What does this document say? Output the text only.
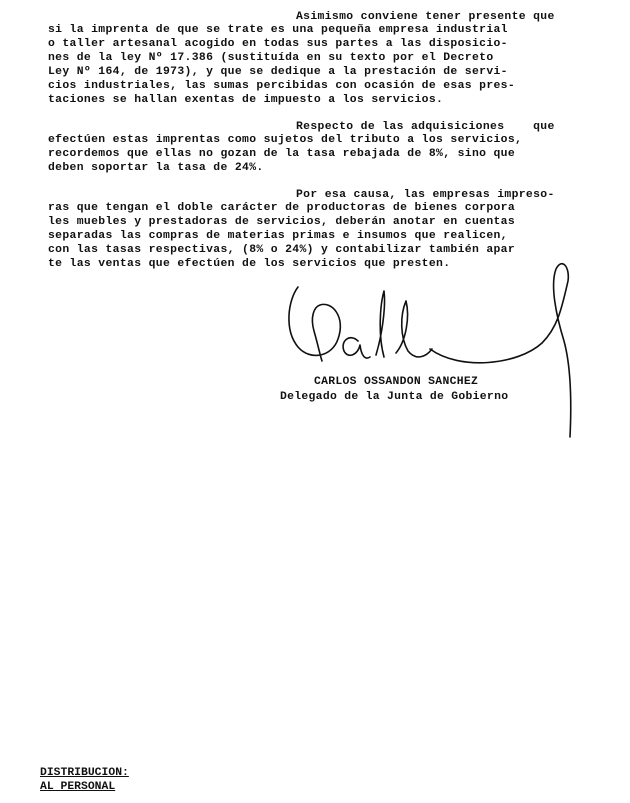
Asimismo conviene tener presente que
si la imprenta de que se trate es una pequeña empresa industrial
o taller artesanal acogido en todas sus partes a las disposicio-
nes de la ley Nº 17.386 (sustituída en su texto por el Decreto
Ley Nº 164, de 1973), y que se dedique a la prestación de servi-
cios industriales, las sumas percibidas con ocasión de esas pres-
taciones se hallan exentas de impuesto a los servicios.
Respecto de las adquisiciones    que
efectúen estas imprentas como sujetos del tributo a los servicios,
recordemos que ellas no gozan de la tasa rebajada de 8%, sino que
deben soportar la tasa de 24%.
Por esa causa, las empresas impreso-
ras que tengan el doble carácter de productoras de bienes corpora
les muebles y prestadoras de servicios, deberán anotar en cuentas
separadas las compras de materias primas e insumos que realicen,
con las tasas respectivas, (8% o 24%) y contabilizar también apar
te las ventas que efectúen de los servicios que presten.
CARLOS OSSANDON SANCHEZ
Delegado de la Junta de Gobierno
DISTRIBUCION:
AL PERSONAL
